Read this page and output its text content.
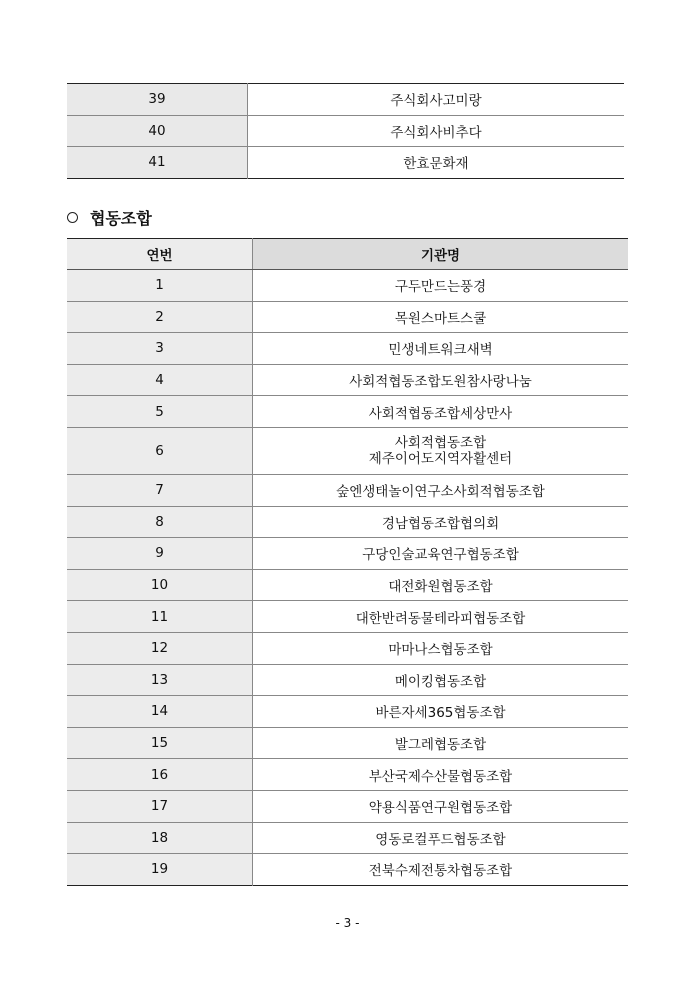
39	주식회사고미랑
40	주식회사비추다
41	한효문화재
협동조합
연번	기관명
1	구두만드는풍경
2	목원스마트스쿨
3	민생네트워크새벽
4	사회적협동조합도원참사랑나눔
5	사회적협동조합세상만사
6	사회적협동조합
제주이어도지역자활센터

7	숲엔생태놀이연구소사회적협동조합
8	경남협동조합협의회
9	구당인술교육연구협동조합
10	대전화원협동조합
11	대한반려동물테라피협동조합
12	마마나스협동조합
13	메이킹협동조합
14	바른자세365협동조합
15	발그레협동조합
16	부산국제수산물협동조합
17	약용식품연구원협동조합
18	영동로컬푸드협동조합
19	전북수제전통차협동조합
- 3 -
